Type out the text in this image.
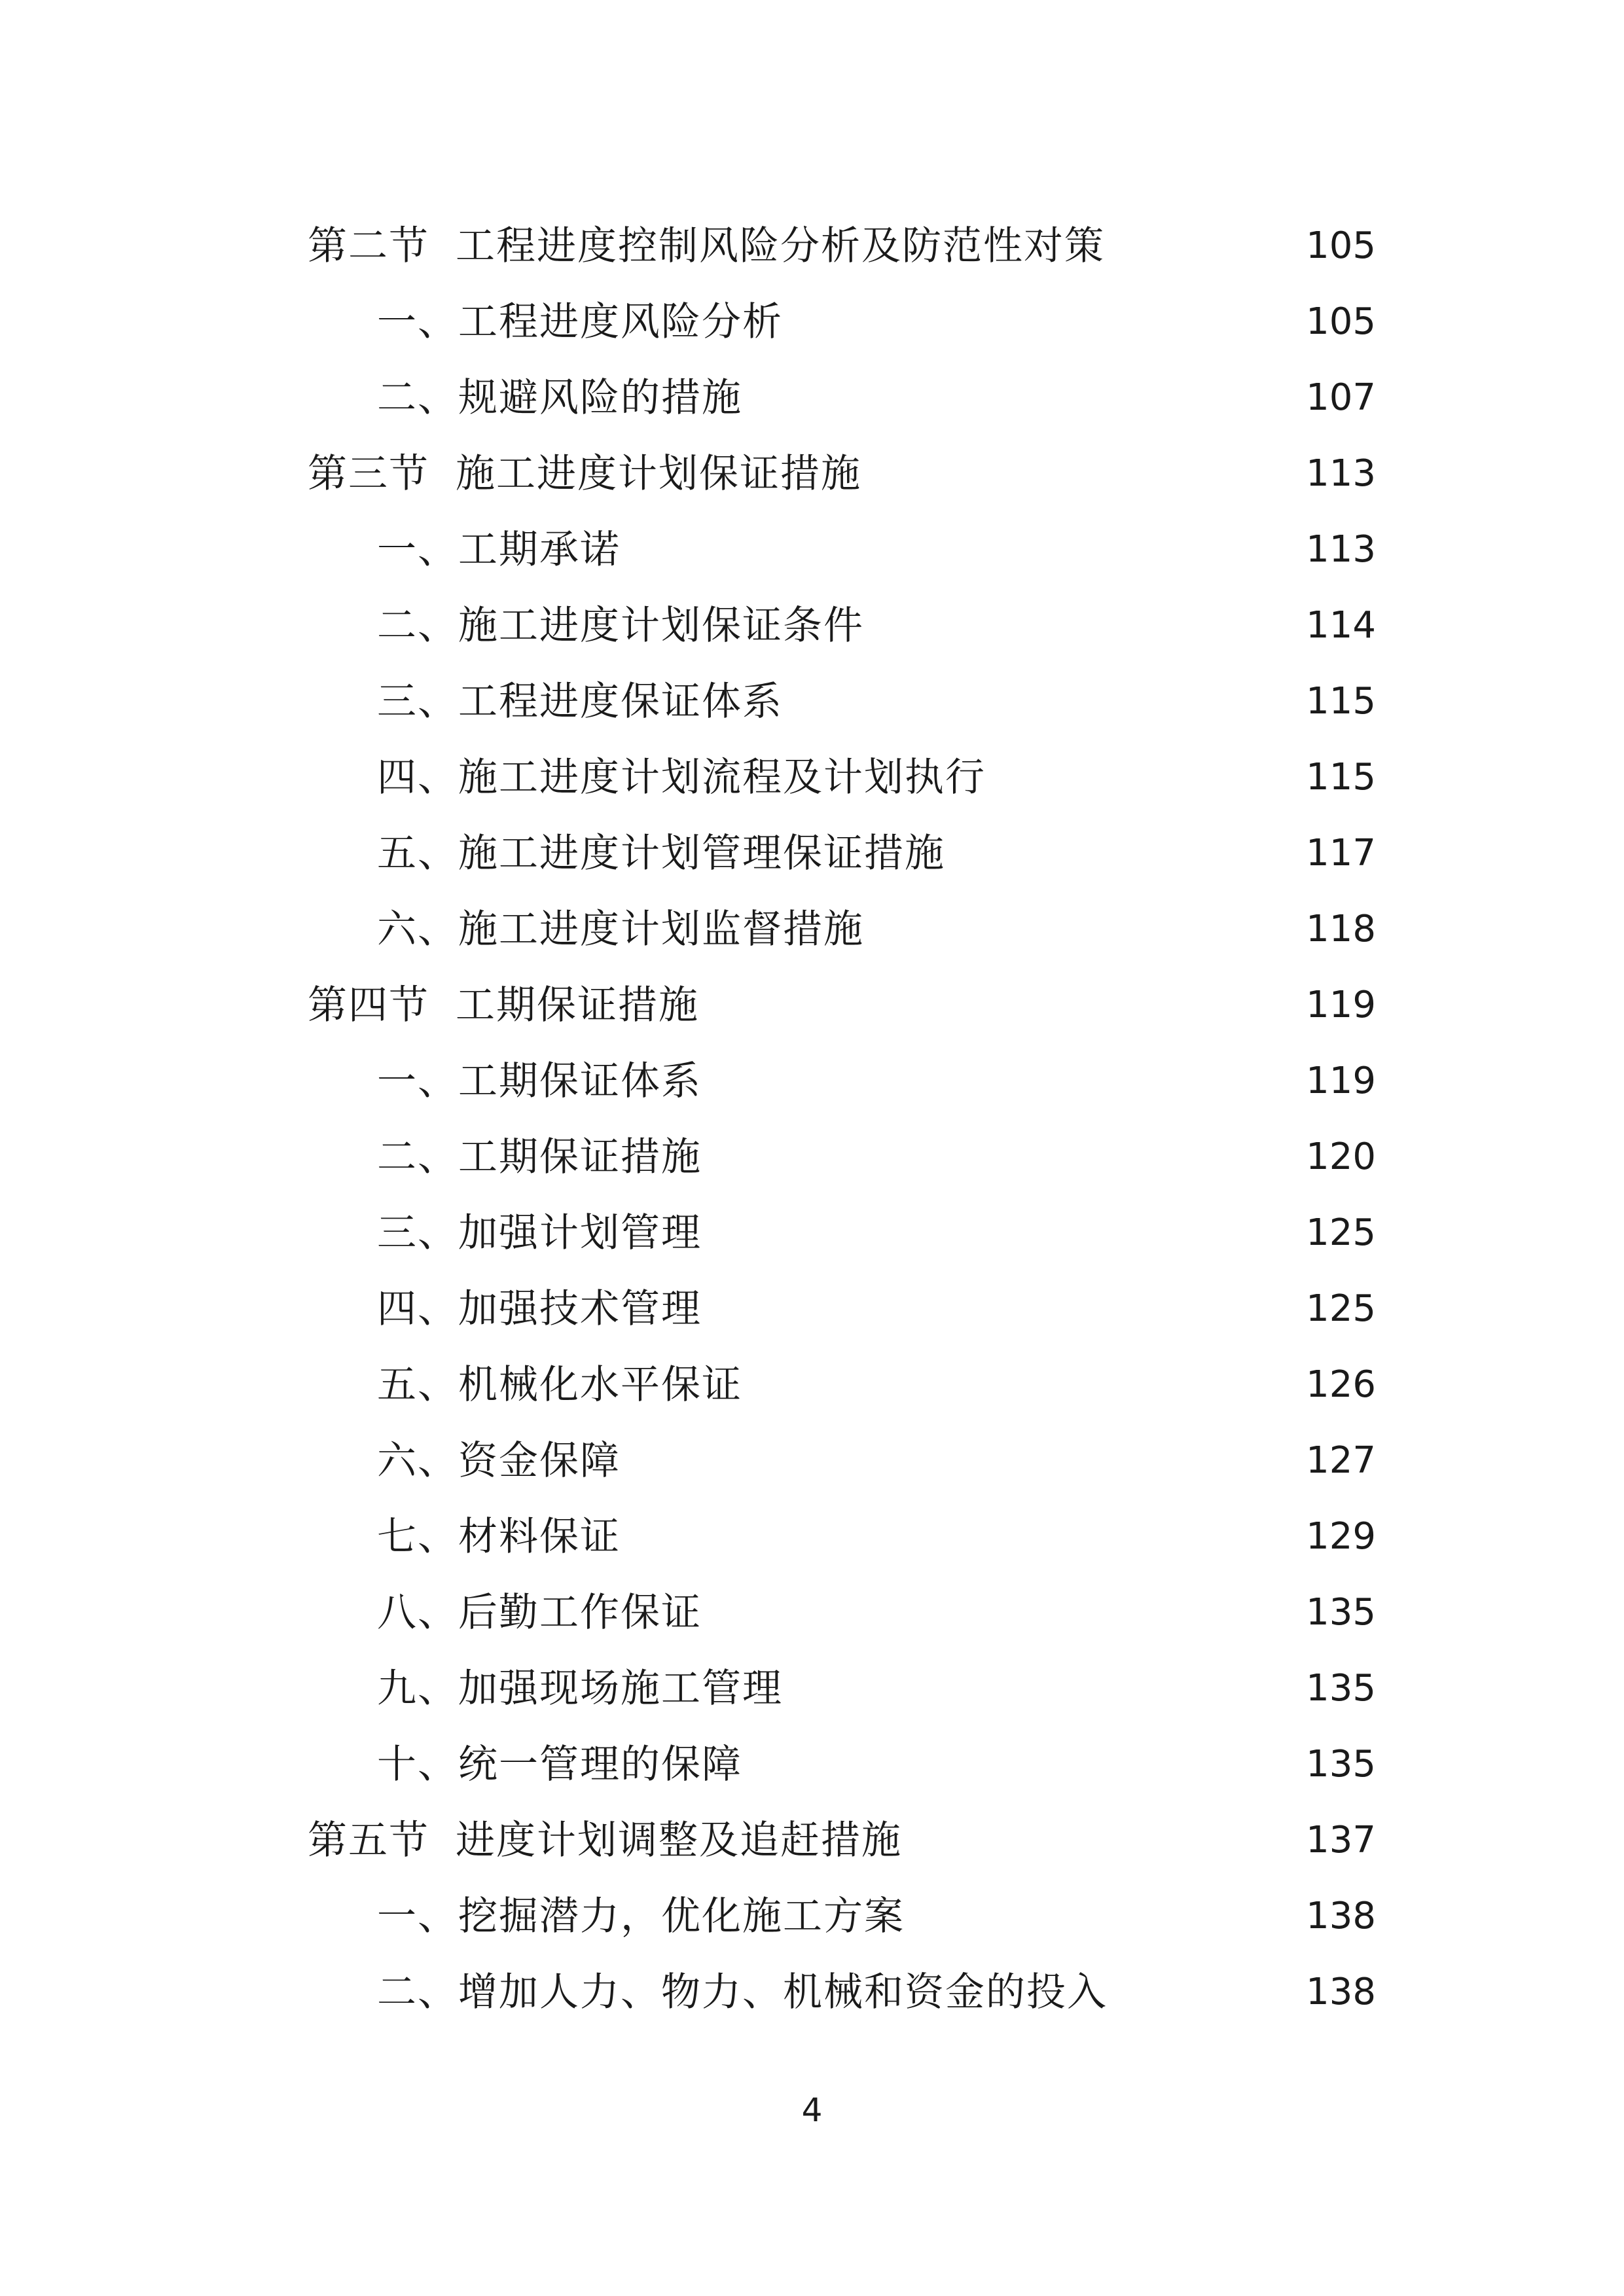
第二节 工程进度控制风险分析及防范性对策	105
一、工程进度风险分析	105
二、规避风险的措施	107
第三节 施工进度计划保证措施	113
一、工期承诺	113
二、施工进度计划保证条件	114
三、工程进度保证体系	115
四、施工进度计划流程及计划执行	115
五、施工进度计划管理保证措施	117
六、施工进度计划监督措施	118
第四节 工期保证措施	119
一、工期保证体系	119
二、工期保证措施	120
三、加强计划管理	125
四、加强技术管理	125
五、机械化水平保证	126
六、资金保障	127
七、材料保证	129
八、后勤工作保证	135
九、加强现场施工管理	135
十、统一管理的保障	135
第五节 进度计划调整及追赶措施	137
一、挖掘潜力，优化施工方案	138
二、增加人力、物力、机械和资金的投入	138
4
